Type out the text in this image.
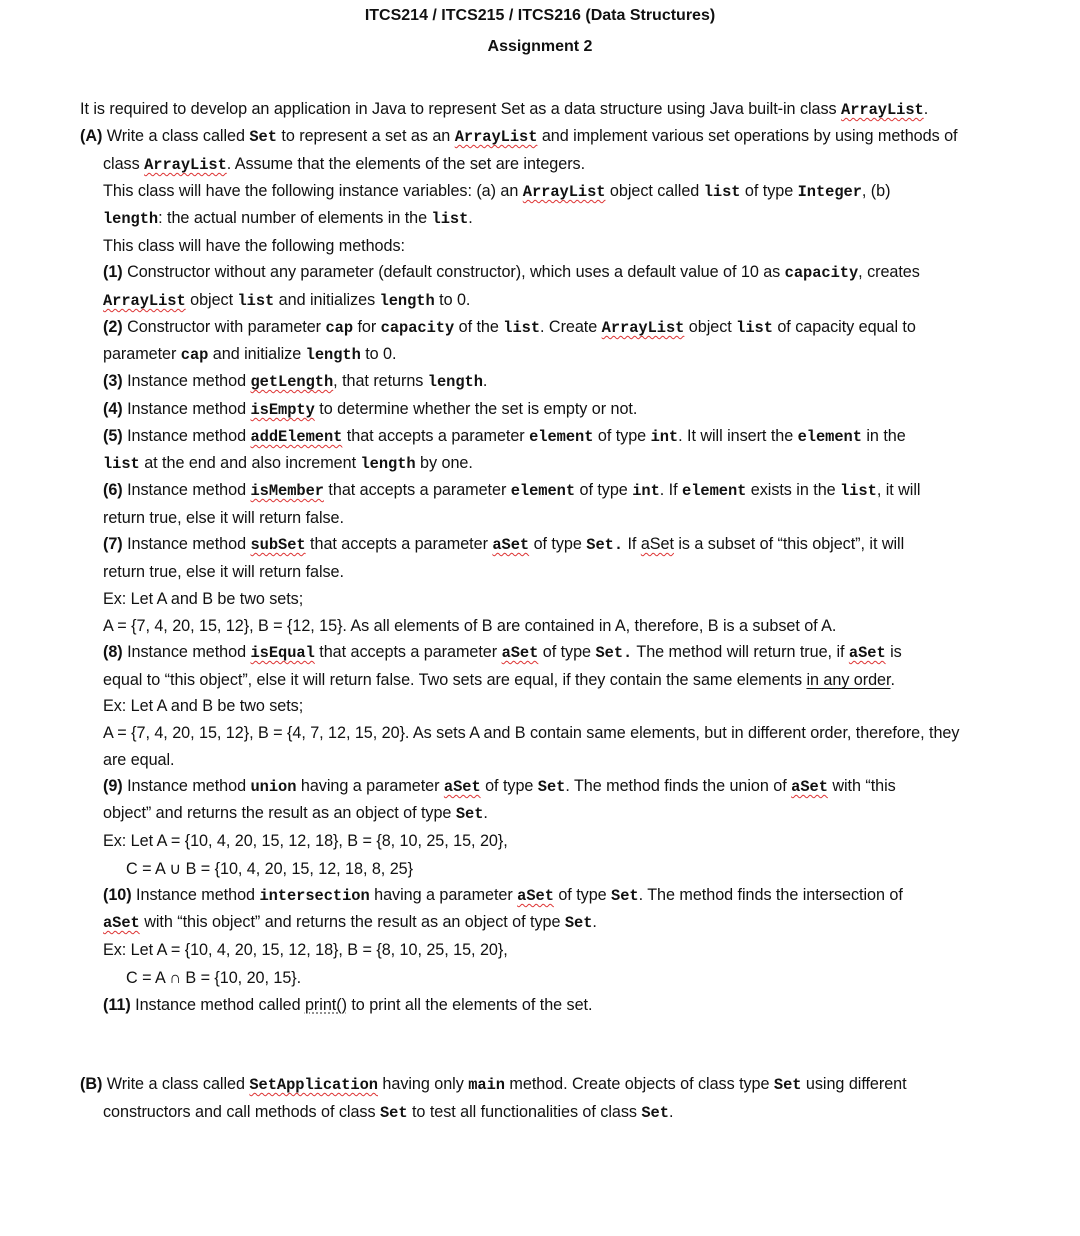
ITCS214 / ITCS215 / ITCS216 (Data Structures)

Assignment 2

It is required to develop an application in Java to represent Set as a data structure using Java built-in class ArrayList.

(A) Write a class called Set to represent a set as an ArrayList and implement various set operations by using methods of

class ArrayList. Assume that the elements of the set are integers.

This class will have the following instance variables: (a) an ArrayList object called list of type Integer, (b)

length: the actual number of elements in the list.

This class will have the following methods:

(1) Constructor without any parameter (default constructor), which uses a default value of 10 as capacity, creates

ArrayList object list and initializes length to 0.

(2) Constructor with parameter cap for capacity of the list. Create ArrayList object list of capacity equal to

parameter cap and initialize length to 0.

(3) Instance method getLength, that returns length.

(4) Instance method isEmpty to determine whether the set is empty or not.

(5) Instance method addElement that accepts a parameter element of type int. It will insert the element in the

list at the end and also increment length by one.

(6) Instance method isMember that accepts a parameter element of type int. If element exists in the list, it will

return true, else it will return false.

(7) Instance method subSet that accepts a parameter aSet of type Set. If aSet is a subset of “this object”, it will

return true, else it will return false.

Ex: Let A and B be two sets;

A = {7, 4, 20, 15, 12}, B = {12, 15}. As all elements of B are contained in A, therefore, B is a subset of A.

(8) Instance method isEqual that accepts a parameter aSet of type Set. The method will return true, if aSet is

equal to “this object”, else it will return false. Two sets are equal, if they contain the same elements in any order.

Ex: Let A and B be two sets;

A = {7, 4, 20, 15, 12}, B = {4, 7, 12, 15, 20}. As sets A and B contain same elements, but in different order, therefore, they

are equal.

(9) Instance method union having a parameter aSet of type Set. The method finds the union of aSet with “this

object” and returns the result as an object of type Set.

Ex: Let A = {10, 4, 20, 15, 12, 18}, B = {8, 10, 25, 15, 20},

C = A ∪ B = {10, 4, 20, 15, 12, 18, 8, 25}

(10) Instance method intersection having a parameter aSet of type Set. The method finds the intersection of

aSet with “this object” and returns the result as an object of type Set.

Ex: Let A = {10, 4, 20, 15, 12, 18}, B = {8, 10, 25, 15, 20},

C = A ∩ B = {10, 20, 15}.

(11) Instance method called print() to print all the elements of the set.

(B) Write a class called SetApplication having only main method. Create objects of class type Set using different

constructors and call methods of class Set to test all functionalities of class Set.
